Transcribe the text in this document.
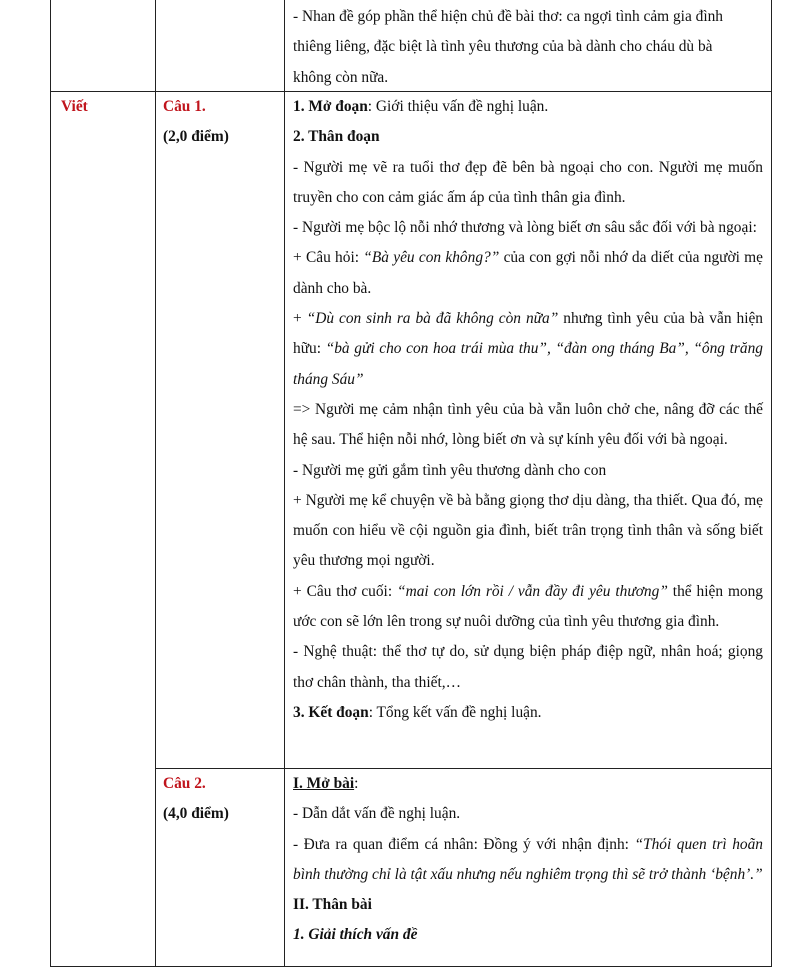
- Nhan đề góp phần thể hiện chủ đề bài thơ: ca ngợi tình cảm gia đình

thiêng liêng, đặc biệt là tình yêu thương của bà dành cho cháu dù bà

không còn nữa.

Viết	Câu 1.
(2,0 điểm)

1. Mở đoạn: Giới thiệu vấn đề nghị luận.

2. Thân đoạn

- Người mẹ vẽ ra tuổi thơ đẹp đẽ bên bà ngoại cho con. Người mẹ muốn truyền cho con cảm giác ấm áp của tình thân gia đình.

- Người mẹ bộc lộ nỗi nhớ thương và lòng biết ơn sâu sắc đối với bà ngoại:

+ Câu hỏi: “Bà yêu con không?” của con gợi nỗi nhớ da diết của người mẹ dành cho bà.

+ “Dù con sinh ra bà đã không còn nữa” nhưng tình yêu của bà vẫn hiện hữu: “bà gửi cho con hoa trái mùa thu”, “đàn ong tháng Ba”, “ông trăng tháng Sáu”

=> Người mẹ cảm nhận tình yêu của bà vẫn luôn chở che, nâng đỡ các thế hệ sau. Thể hiện nỗi nhớ, lòng biết ơn và sự kính yêu đối với bà ngoại.

- Người mẹ gửi gắm tình yêu thương dành cho con

+ Người mẹ kể chuyện về bà bằng giọng thơ dịu dàng, tha thiết. Qua đó, mẹ muốn con hiểu về cội nguồn gia đình, biết trân trọng tình thân và sống biết yêu thương mọi người.

+ Câu thơ cuối: “mai con lớn rồi / vẫn đầy đi yêu thương” thể hiện mong ước con sẽ lớn lên trong sự nuôi dưỡng của tình yêu thương gia đình.

- Nghệ thuật: thể thơ tự do, sử dụng biện pháp điệp ngữ, nhân hoá; giọng thơ chân thành, tha thiết,…

3. Kết đoạn: Tổng kết vấn đề nghị luận.

Câu 2.
(4,0 điểm)

I. Mở bài:

- Dẫn dắt vấn đề nghị luận.

- Đưa ra quan điểm cá nhân: Đồng ý với nhận định: “Thói quen trì hoãn bình thường chỉ là tật xấu nhưng nếu nghiêm trọng thì sẽ trở thành ‘bệnh’.”

II. Thân bài

1. Giải thích vấn đề
